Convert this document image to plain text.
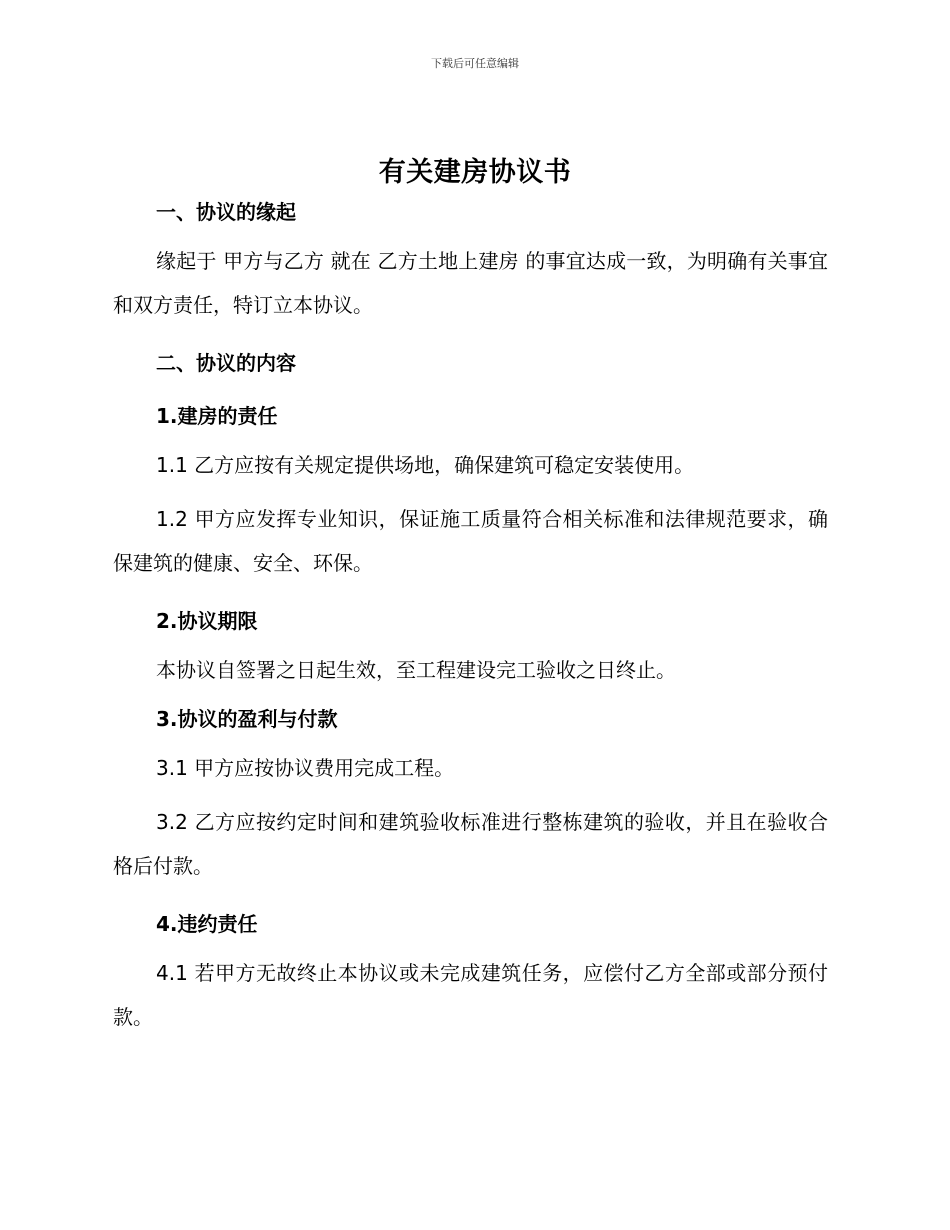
下载后可任意编辑
有关建房协议书

一、协议的缘起

缘起于 甲方与乙方 就在 乙方土地上建房 的事宜达成一致，为明确有关事宜和双方责任，特订立本协议。

二、协议的内容

1.建房的责任

1.1 乙方应按有关规定提供场地，确保建筑可稳定安装使用。

1.2 甲方应发挥专业知识，保证施工质量符合相关标准和法律规范要求，确保建筑的健康、安全、环保。

2.协议期限

本协议自签署之日起生效，至工程建设完工验收之日终止。

3.协议的盈利与付款

3.1 甲方应按协议费用完成工程。

3.2 乙方应按约定时间和建筑验收标准进行整栋建筑的验收，并且在验收合格后付款。

4.违约责任

4.1 若甲方无故终止本协议或未完成建筑任务，应偿付乙方全部或部分预付款。
